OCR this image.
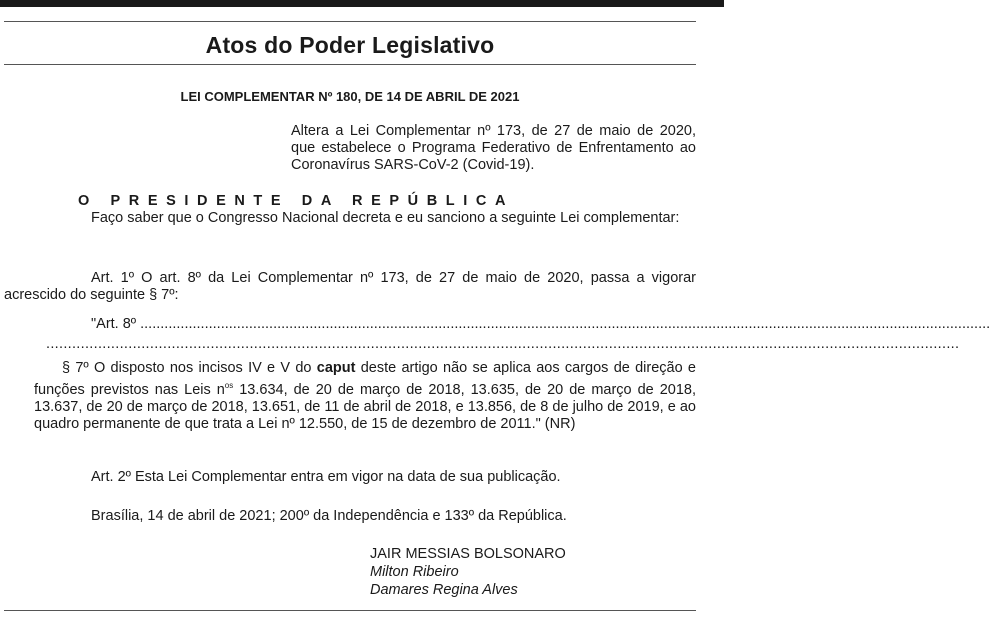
Atos do Poder Legislativo
LEI COMPLEMENTAR Nº 180, DE 14 DE ABRIL DE 2021
Altera a Lei Complementar nº 173, de 27 de maio de 2020, que estabelece o Programa Federativo de Enfrentamento ao Coronavírus SARS-CoV-2 (Covid-19).
O PRESIDENTE DA REPÚBLICA
Faço saber que o Congresso Nacional decreta e eu sanciono a seguinte Lei complementar:
Art. 1º O art. 8º da Lei Complementar nº 173, de 27 de maio de 2020, passa a vigorar acrescido do seguinte § 7º:
"Art. 8º ...................................................................................................................................................................................................................
...................................................................................................................................................................................................................
§ 7º O disposto nos incisos IV e V do caput deste artigo não se aplica aos cargos de direção e funções previstos nas Leis $n^{os}$ 13.634, de 20 de março de 2018, 13.635, de 20 de março de 2018, 13.637, de 20 de março de 2018, 13.651, de 11 de abril de 2018, e 13.856, de 8 de julho de 2019, e ao quadro permanente de que trata a Lei nº 12.550, de 15 de dezembro de 2011." (NR)
Art. 2º Esta Lei Complementar entra em vigor na data de sua publicação.
Brasília, 14 de abril de 2021; 200º da Independência e 133º da República.
JAIR MESSIAS BOLSONARO
Milton Ribeiro
Damares Regina Alves
